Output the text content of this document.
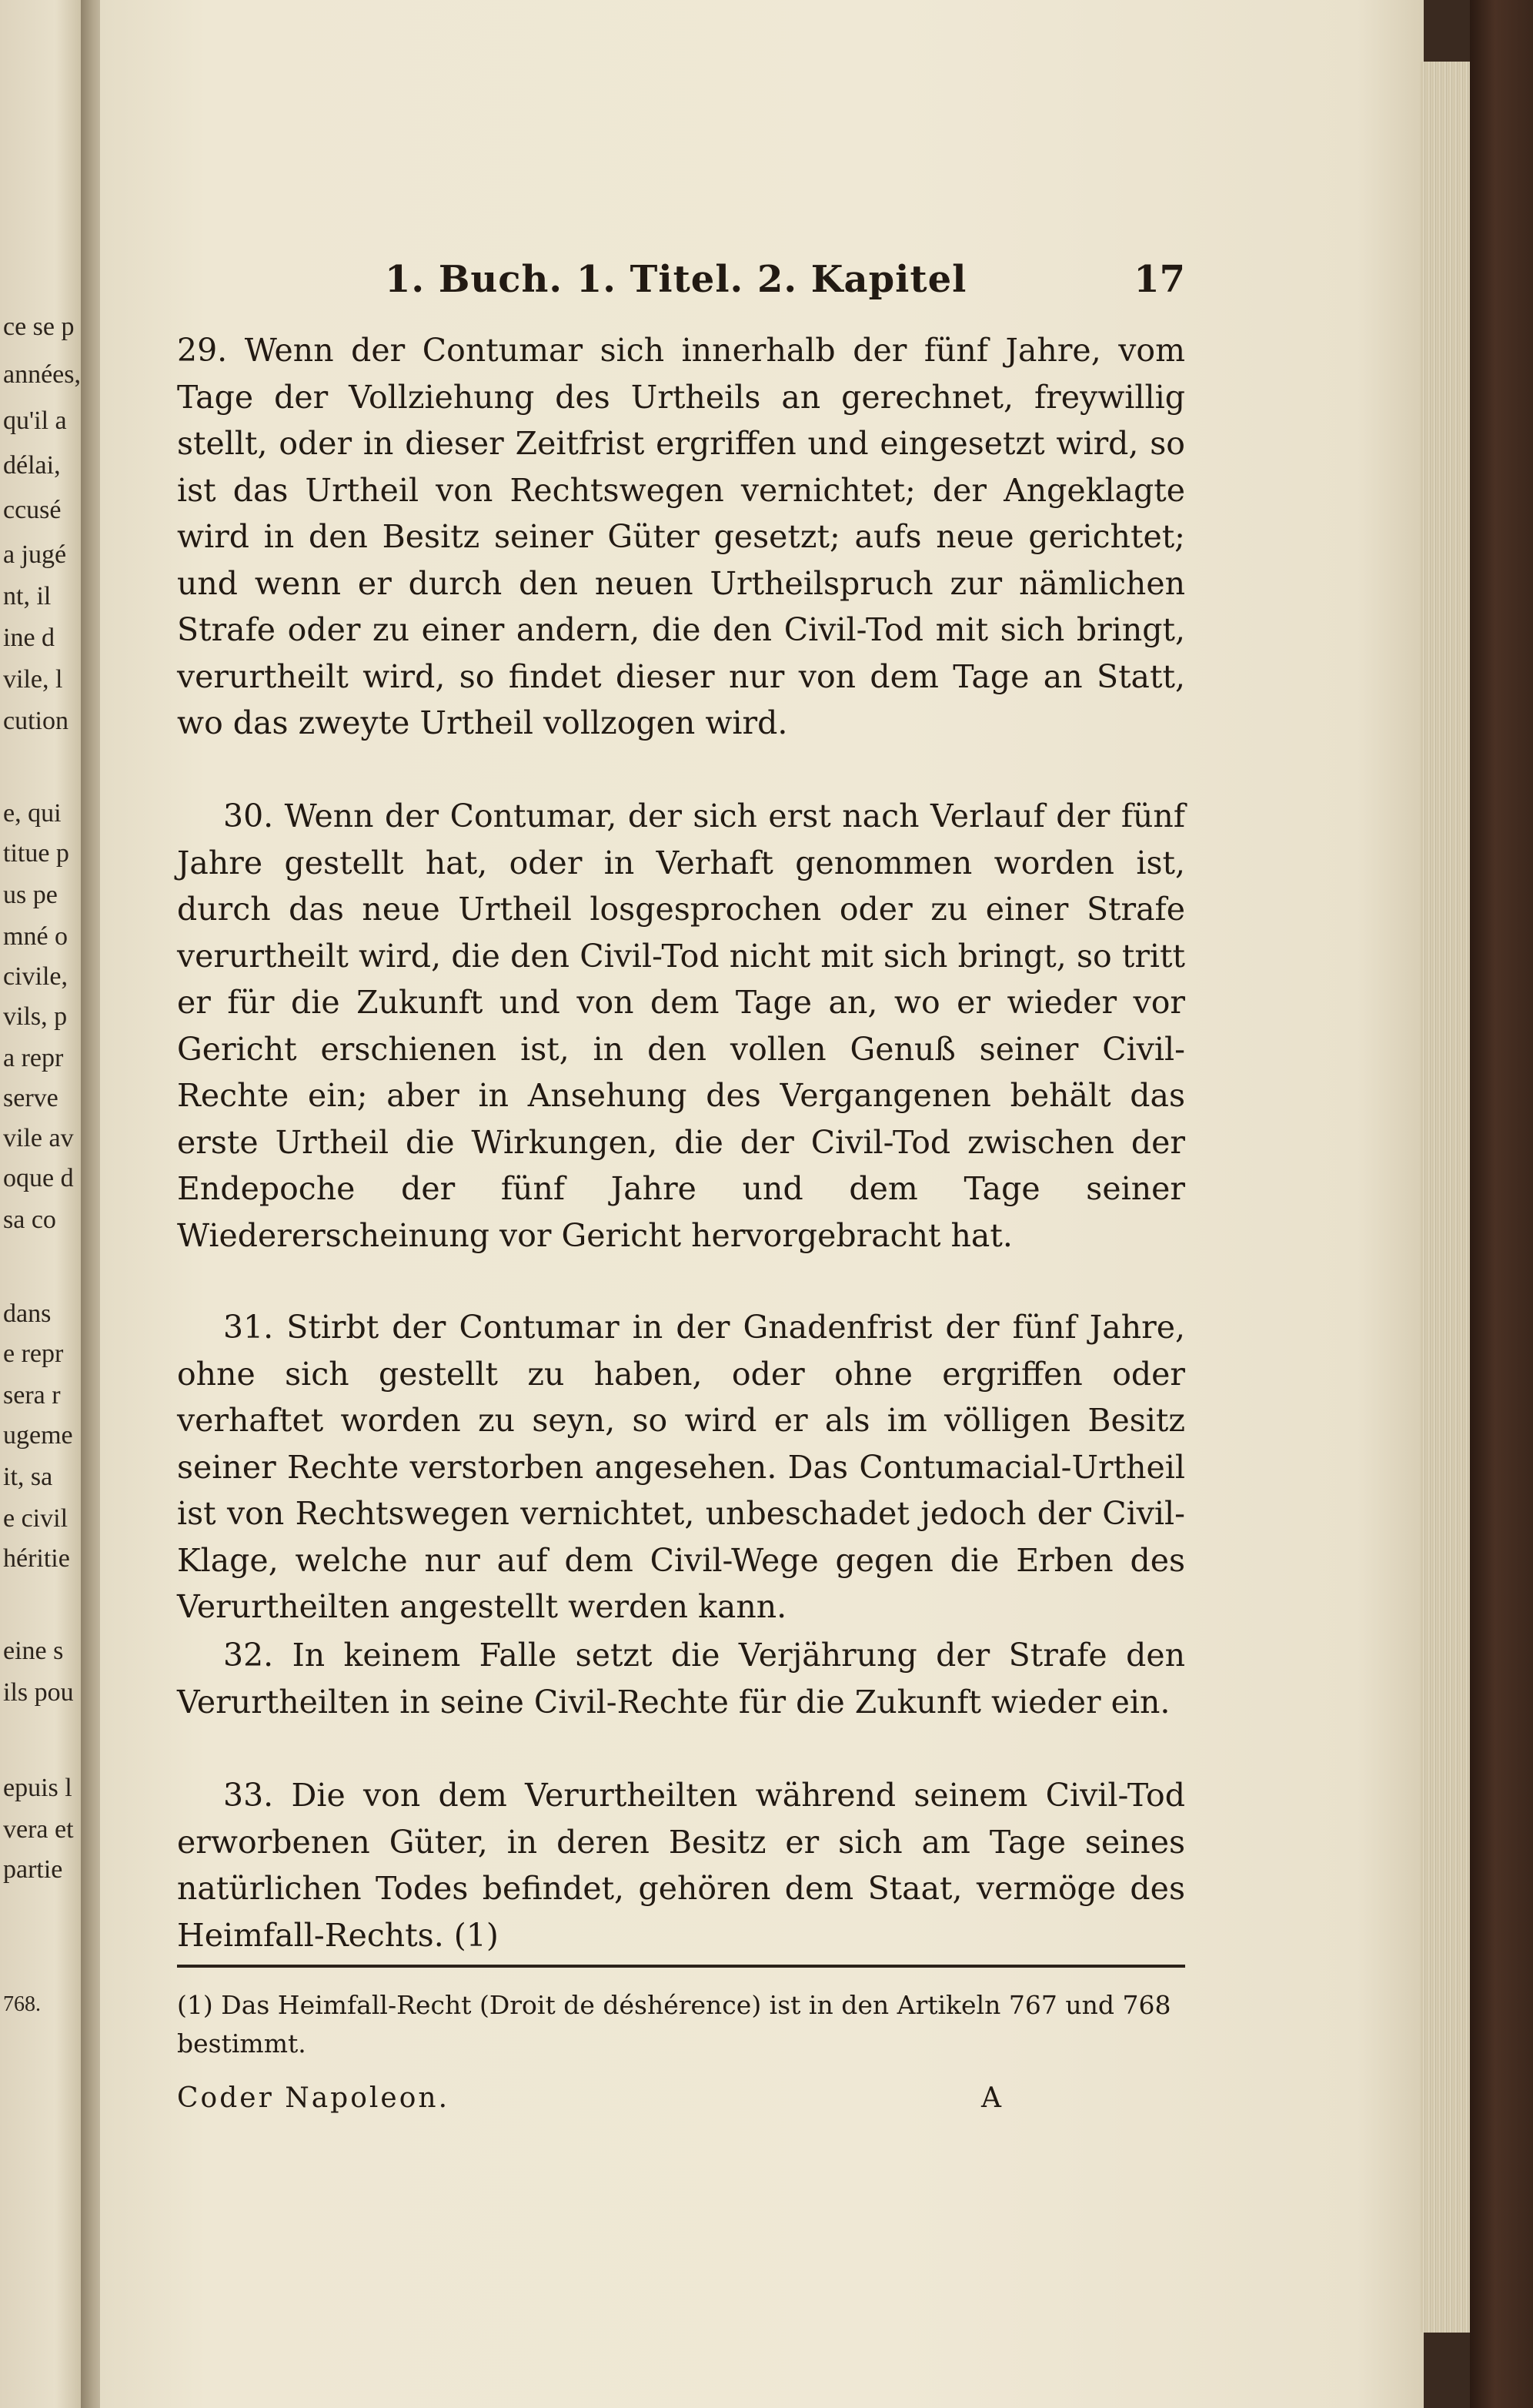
ce se p
années,
qu'il a
délai,
ccusé
a jugé
nt, il
ine d
vile, l
cution
e, qui
titue p
us pe
mné o
civile,
vils, p
a repr
serve
vile av
oque d
sa co
dans
e repr
sera r
ugeme
it, sa
e civil
héritie
eine s
ils pou
epuis l
vera et
partie
768.
1. Buch. 1. Titel. 2. Kapitel	17
29. Wenn der Contumar sich innerhalb der fünf Jahre, vom Tage der Vollziehung des Urtheils an gerechnet, freywillig stellt, oder in dieser Zeitfrist ergriffen und eingesetzt wird, so ist das Urtheil von Rechtswegen vernichtet; der Angeklagte wird in den Besitz seiner Güter gesetzt; aufs neue gerichtet; und wenn er durch den neuen Urtheilspruch zur nämlichen Strafe oder zu einer andern, die den Civil-Tod mit sich bringt, verurtheilt wird, so findet dieser nur von dem Tage an Statt, wo das zweyte Urtheil vollzogen wird.
30. Wenn der Contumar, der sich erst nach Verlauf der fünf Jahre gestellt hat, oder in Verhaft genommen worden ist, durch das neue Urtheil losgesprochen oder zu einer Strafe verurtheilt wird, die den Civil-Tod nicht mit sich bringt, so tritt er für die Zukunft und von dem Tage an, wo er wieder vor Gericht erschienen ist, in den vollen Genuß seiner Civil-Rechte ein; aber in Ansehung des Vergangenen behält das erste Urtheil die Wirkungen, die der Civil-Tod zwischen der Endepoche der fünf Jahre und dem Tage seiner Wiedererscheinung vor Gericht hervorgebracht hat.
31. Stirbt der Contumar in der Gnadenfrist der fünf Jahre, ohne sich gestellt zu haben, oder ohne ergriffen oder verhaftet worden zu seyn, so wird er als im völligen Besitz seiner Rechte verstorben angesehen. Das Contumacial-Urtheil ist von Rechtswegen vernichtet, unbeschadet jedoch der Civil-Klage, welche nur auf dem Civil-Wege gegen die Erben des Verurtheilten angestellt werden kann.
32. In keinem Falle setzt die Verjährung der Strafe den Verurtheilten in seine Civil-Rechte für die Zukunft wieder ein.
33. Die von dem Verurtheilten während seinem Civil-Tod erworbenen Güter, in deren Besitz er sich am Tage seines natürlichen Todes befindet, gehören dem Staat, vermöge des Heimfall-Rechts. (1)
(1) Das Heimfall-Recht (Droit de déshérence) ist in den Artikeln 767 und 768 bestimmt.
Coder Napoleon.	A
